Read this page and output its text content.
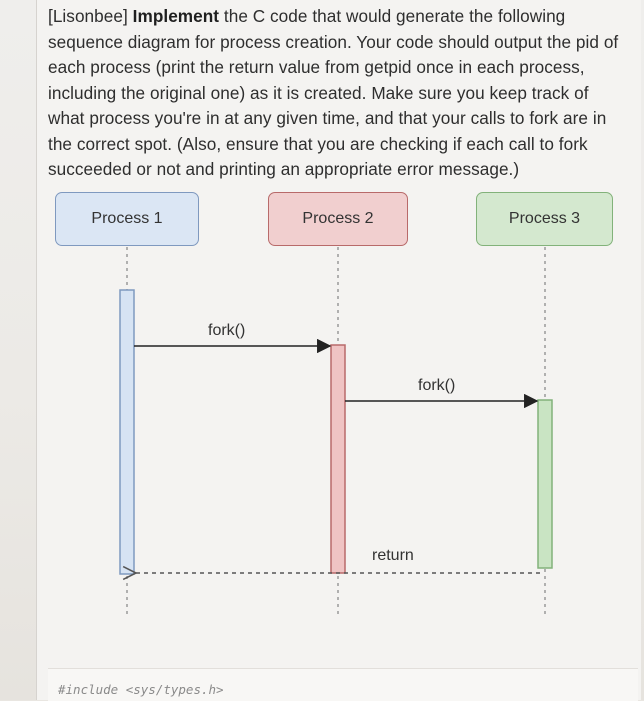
[Lisonbee] Implement the C code that would generate the following sequence diagram for process creation. Your code should output the pid of each process (print the return value from getpid once in each process, including the original one) as it is created. Make sure you keep track of what process you're in at any given time, and that your calls to fork are in the correct spot. (Also, ensure that you are checking if each call to fork succeeded or not and printing an appropriate error message.)
Process 1	Process 2	Process 3
fork()
fork()
return
#include <sys/types.h>
